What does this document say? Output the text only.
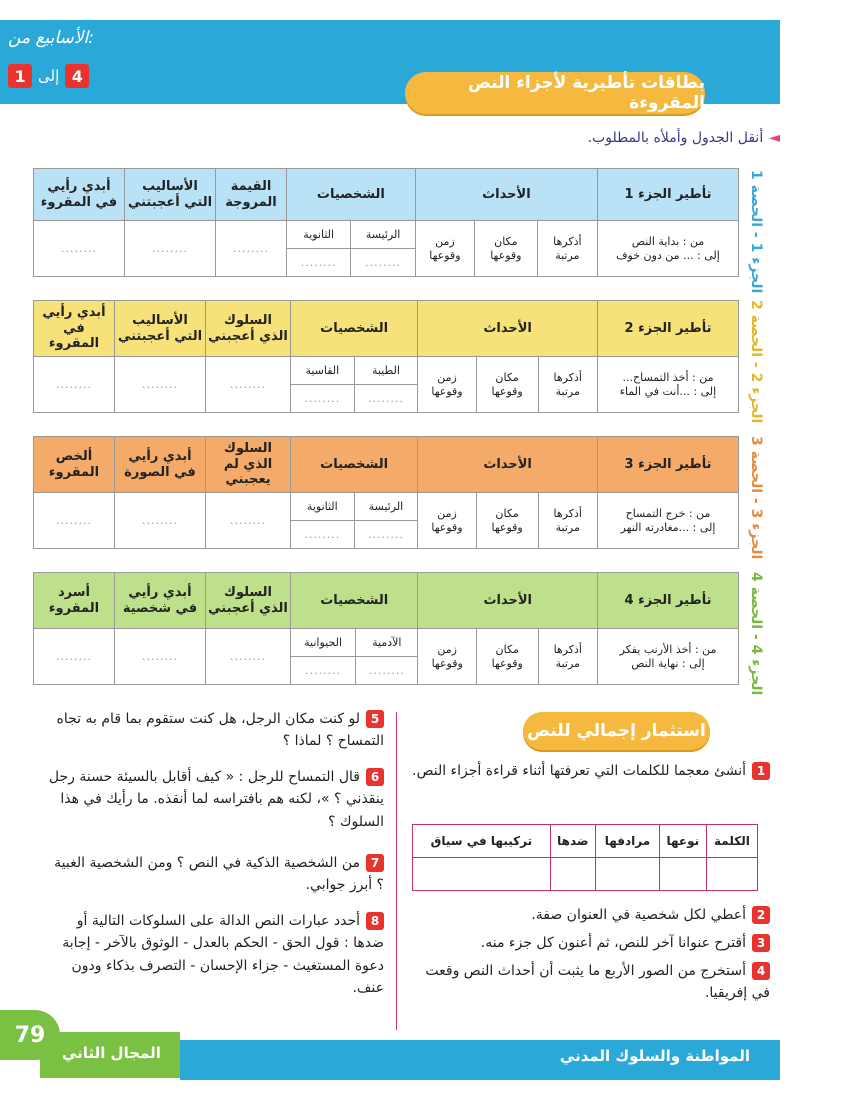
الأسابيع من:
1 إلى 4	بطاقات تأطيرية لأجزاء النص المقروءة
◄أنقل الجدول وأملأه بالمطلوب.
الجزء 1 - الحصة 1
الجزء 2 - الحصة 2
الجزء 3 - الحصة 3
الجزء 4 - الحصة 4
تأطير الجزء 1	الأحداث			الشخصيات		القيمة المروجة	الأساليب التي أعجبتني	أبدي رأيي في المقروء

من : بداية النص
إلى : ... من دون خوف	أذكرها مرتبة	مكان وقوعها	زمن وقوعها	الرئيسة	الثانوية	........	........	........
				........	........			
تأطير الجزء 2	الأحداث			الشخصيات		السلوك الذي أعجبني	الأساليب التي أعجبتني	أبدي رأيي في المقروء

من : أخذ التمساح...
إلى : ...أنت في الماء	أذكرها مرتبة	مكان وقوعها	زمن وقوعها	الطيبة	القاسية	........	........	........
				........	........			
تأطير الجزء 3	الأحداث			الشخصيات		السلوك الذي لم يعجبني	أبدي رأيي في الصورة	ألخص المقروء

من : خرج التمساح
إلى : ...مغادرته النهر	أذكرها مرتبة	مكان وقوعها	زمن وقوعها	الرئيسة	الثانوية	........	........	........
				........	........			
تأطير الجزء 4	الأحداث			الشخصيات		السلوك الذي أعجبني	أبدي رأيي في شخصية	أسرد المقروء

من : أخذ الأرنب يفكر
إلى : نهاية النص	أذكرها مرتبة	مكان وقوعها	زمن وقوعها	الآدمية	الحيوانية	........	........	........
				........	........			
استثمار إجمالي للنص
1أنشئ معجما للكلمات التي تعرفتها أثناء قراءة أجزاء النص.
الكلمة	نوعها	مرادفها	ضدها	تركيبها في سياق

2أعطي لكل شخصية في العنوان صفة.
3أقترح عنوانا آخر للنص، ثم أعنون كل جزء منه.
4أستخرج من الصور الأربع ما يثبت أن أحداث النص وقعت في إفريقيا.
5لو كنت مكان الرجل، هل كنت ستقوم بما قام به تجاه التمساح ؟ لماذا ؟
6قال التمساح للرجل : « كيف أقابل بالسيئة حسنة رجل ينقذني ؟ »، لكنه هم بافتراسه لما أنقذه. ما رأيك في هذا السلوك ؟
7من الشخصية الذكية في النص ؟ ومن الشخصية الغبية ؟ أبرز جوابي.
8أحدد عبارات النص الدالة على السلوكات التالية أو ضدها : قول الحق - الحكم بالعدل - الوثوق بالآخر - إجابة دعوة المستغيث - جزاء الإحسان - التصرف بذكاء ودون عنف.
79
المجال الثاني	المواطنة والسلوك المدني
